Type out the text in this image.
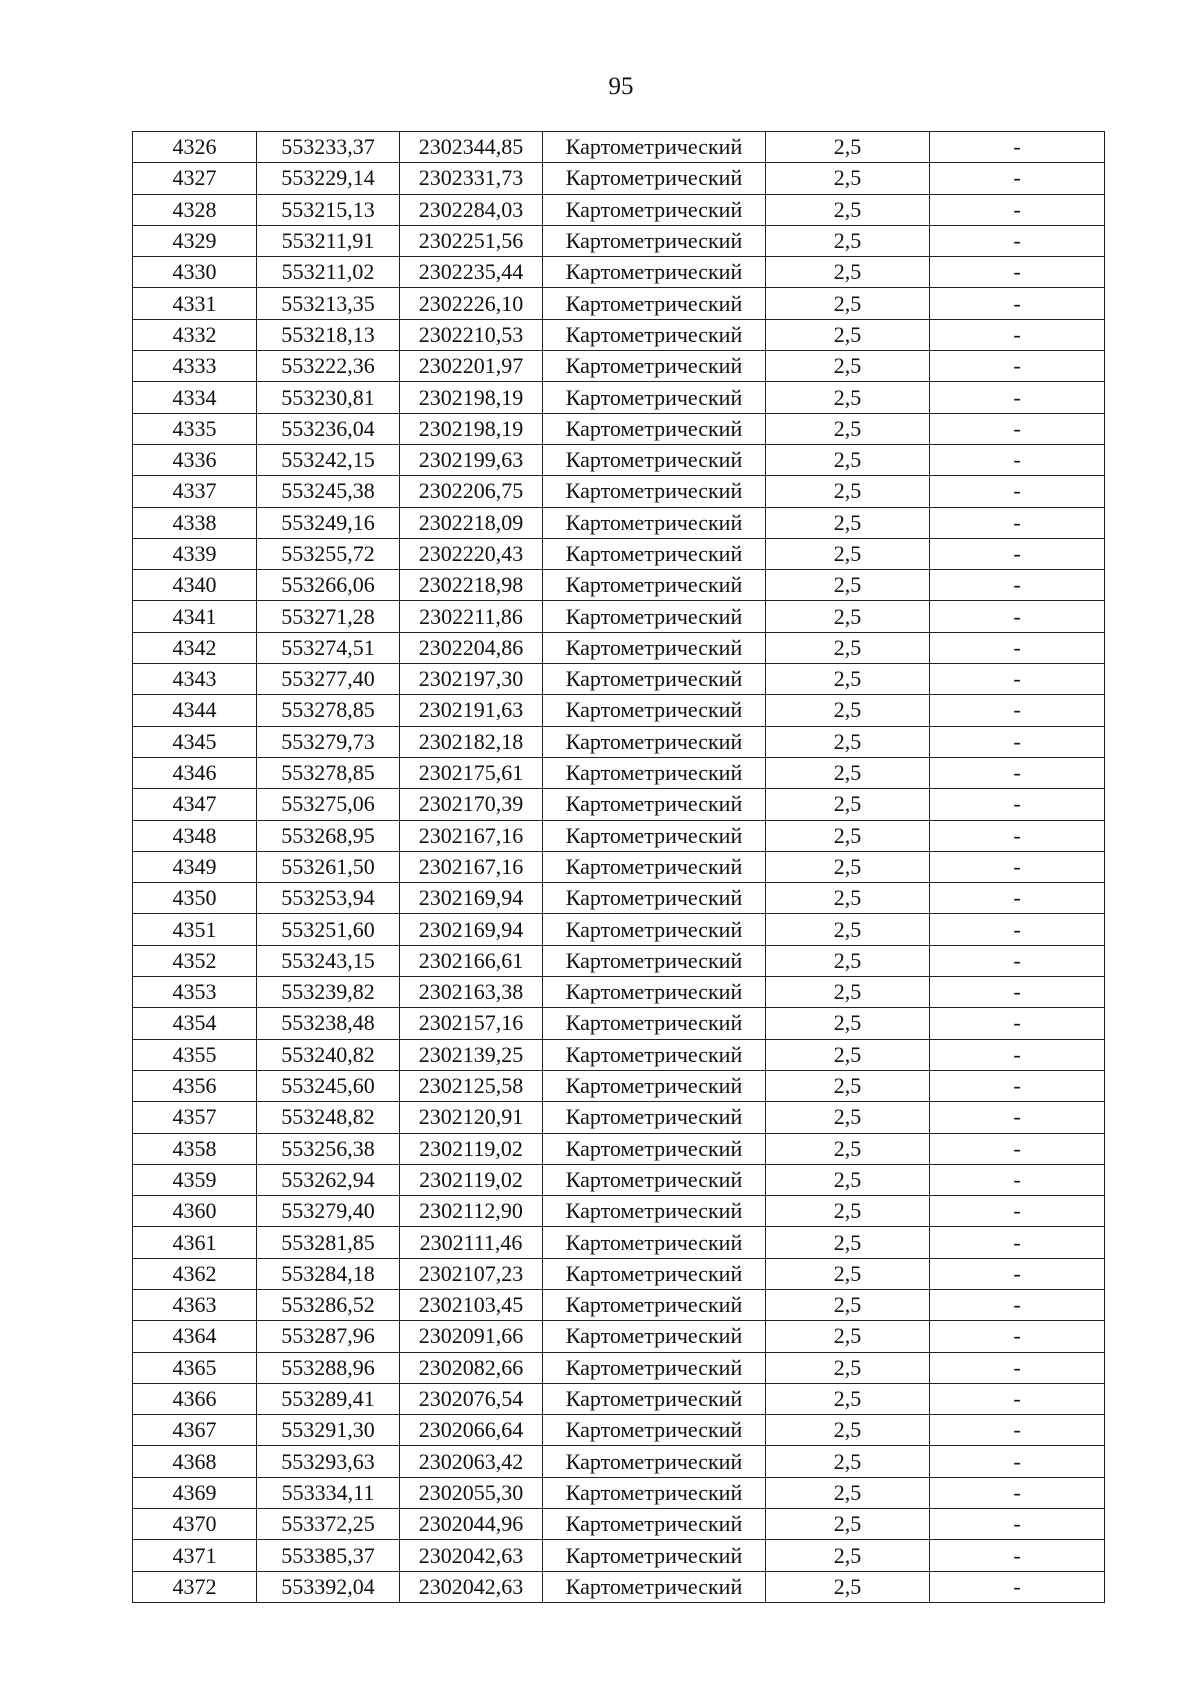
95
4326	553233,37	2302344,85	Картометрический	2,5	-
4327	553229,14	2302331,73	Картометрический	2,5	-
4328	553215,13	2302284,03	Картометрический	2,5	-
4329	553211,91	2302251,56	Картометрический	2,5	-
4330	553211,02	2302235,44	Картометрический	2,5	-
4331	553213,35	2302226,10	Картометрический	2,5	-
4332	553218,13	2302210,53	Картометрический	2,5	-
4333	553222,36	2302201,97	Картометрический	2,5	-
4334	553230,81	2302198,19	Картометрический	2,5	-
4335	553236,04	2302198,19	Картометрический	2,5	-
4336	553242,15	2302199,63	Картометрический	2,5	-
4337	553245,38	2302206,75	Картометрический	2,5	-
4338	553249,16	2302218,09	Картометрический	2,5	-
4339	553255,72	2302220,43	Картометрический	2,5	-
4340	553266,06	2302218,98	Картометрический	2,5	-
4341	553271,28	2302211,86	Картометрический	2,5	-
4342	553274,51	2302204,86	Картометрический	2,5	-
4343	553277,40	2302197,30	Картометрический	2,5	-
4344	553278,85	2302191,63	Картометрический	2,5	-
4345	553279,73	2302182,18	Картометрический	2,5	-
4346	553278,85	2302175,61	Картометрический	2,5	-
4347	553275,06	2302170,39	Картометрический	2,5	-
4348	553268,95	2302167,16	Картометрический	2,5	-
4349	553261,50	2302167,16	Картометрический	2,5	-
4350	553253,94	2302169,94	Картометрический	2,5	-
4351	553251,60	2302169,94	Картометрический	2,5	-
4352	553243,15	2302166,61	Картометрический	2,5	-
4353	553239,82	2302163,38	Картометрический	2,5	-
4354	553238,48	2302157,16	Картометрический	2,5	-
4355	553240,82	2302139,25	Картометрический	2,5	-
4356	553245,60	2302125,58	Картометрический	2,5	-
4357	553248,82	2302120,91	Картометрический	2,5	-
4358	553256,38	2302119,02	Картометрический	2,5	-
4359	553262,94	2302119,02	Картометрический	2,5	-
4360	553279,40	2302112,90	Картометрический	2,5	-
4361	553281,85	2302111,46	Картометрический	2,5	-
4362	553284,18	2302107,23	Картометрический	2,5	-
4363	553286,52	2302103,45	Картометрический	2,5	-
4364	553287,96	2302091,66	Картометрический	2,5	-
4365	553288,96	2302082,66	Картометрический	2,5	-
4366	553289,41	2302076,54	Картометрический	2,5	-
4367	553291,30	2302066,64	Картометрический	2,5	-
4368	553293,63	2302063,42	Картометрический	2,5	-
4369	553334,11	2302055,30	Картометрический	2,5	-
4370	553372,25	2302044,96	Картометрический	2,5	-
4371	553385,37	2302042,63	Картометрический	2,5	-
4372	553392,04	2302042,63	Картометрический	2,5	-
